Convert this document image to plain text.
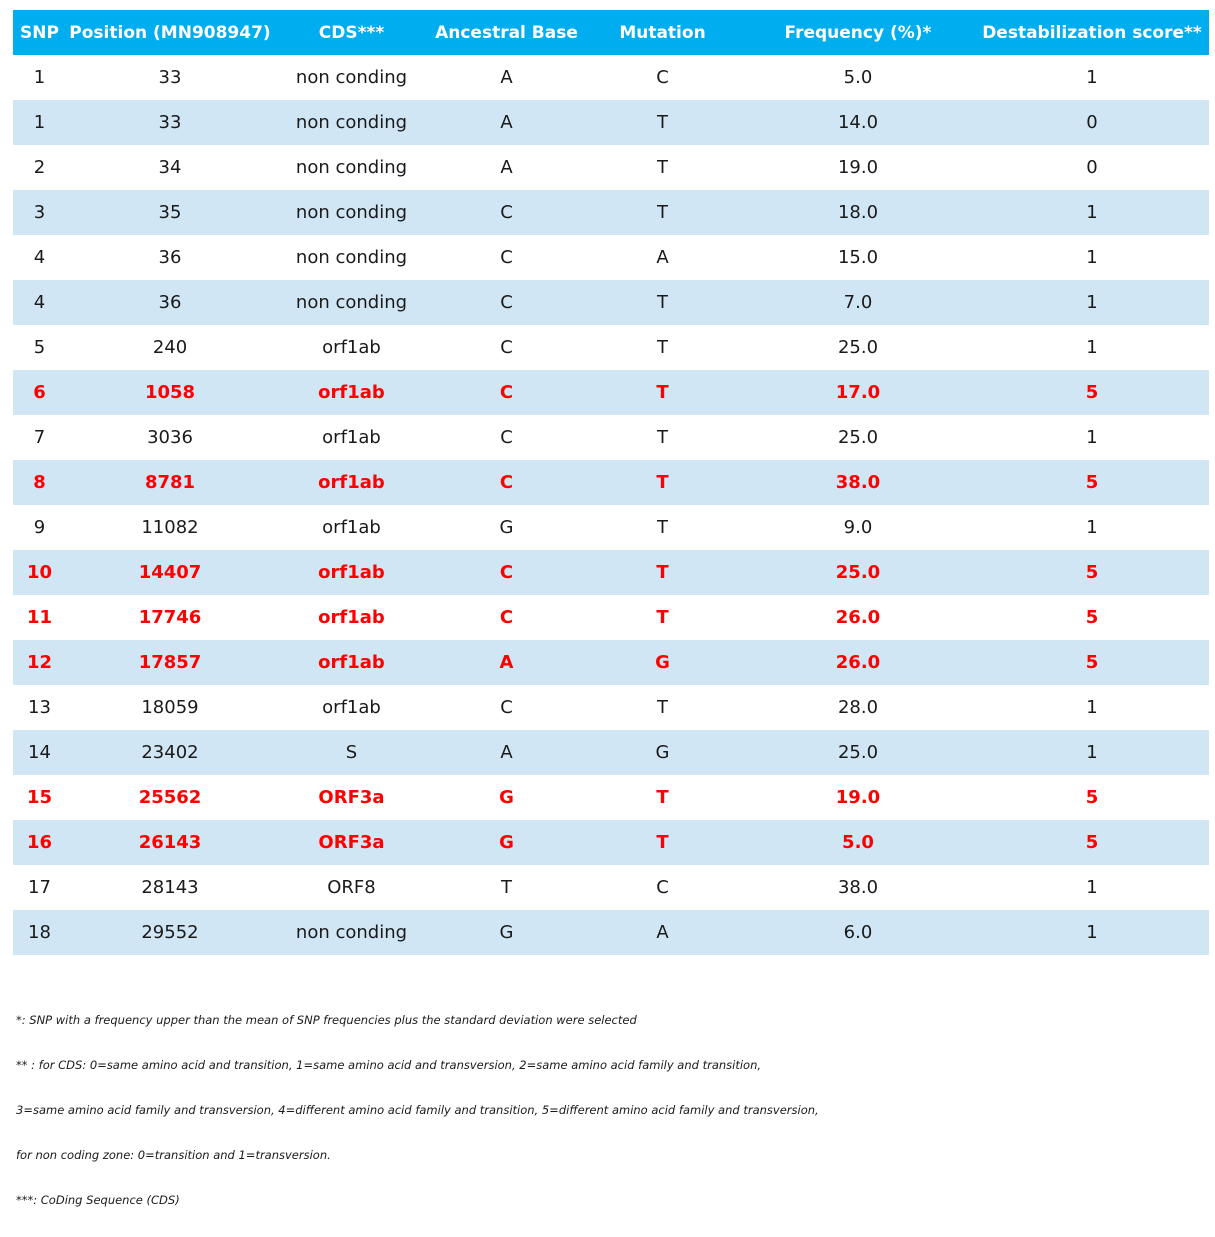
SNP	Position (MN908947)	CDS***	Ancestral Base	Mutation	Frequency (%)*	Destabilization score**
1	33	non conding	A	C	5.0	1
1	33	non conding	A	T	14.0	0
2	34	non conding	A	T	19.0	0
3	35	non conding	C	T	18.0	1
4	36	non conding	C	A	15.0	1
4	36	non conding	C	T	7.0	1
5	240	orf1ab	C	T	25.0	1
6	1058	orf1ab	C	T	17.0	5
7	3036	orf1ab	C	T	25.0	1
8	8781	orf1ab	C	T	38.0	5
9	11082	orf1ab	G	T	9.0	1
10	14407	orf1ab	C	T	25.0	5
11	17746	orf1ab	C	T	26.0	5
12	17857	orf1ab	A	G	26.0	5
13	18059	orf1ab	C	T	28.0	1
14	23402	S	A	G	25.0	1
15	25562	ORF3a	G	T	19.0	5
16	26143	ORF3a	G	T	5.0	5
17	28143	ORF8	T	C	38.0	1
18	29552	non conding	G	A	6.0	1
*: SNP with a frequency upper than the mean of SNP frequencies plus the standard deviation were selected
** : for CDS: 0=same amino acid and transition, 1=same amino acid and transversion, 2=same amino acid family and transition,
3=same amino acid family and transversion, 4=different amino acid family and transition, 5=different amino acid family and transversion,
for non coding zone: 0=transition and 1=transversion.
***: CoDing Sequence (CDS)
